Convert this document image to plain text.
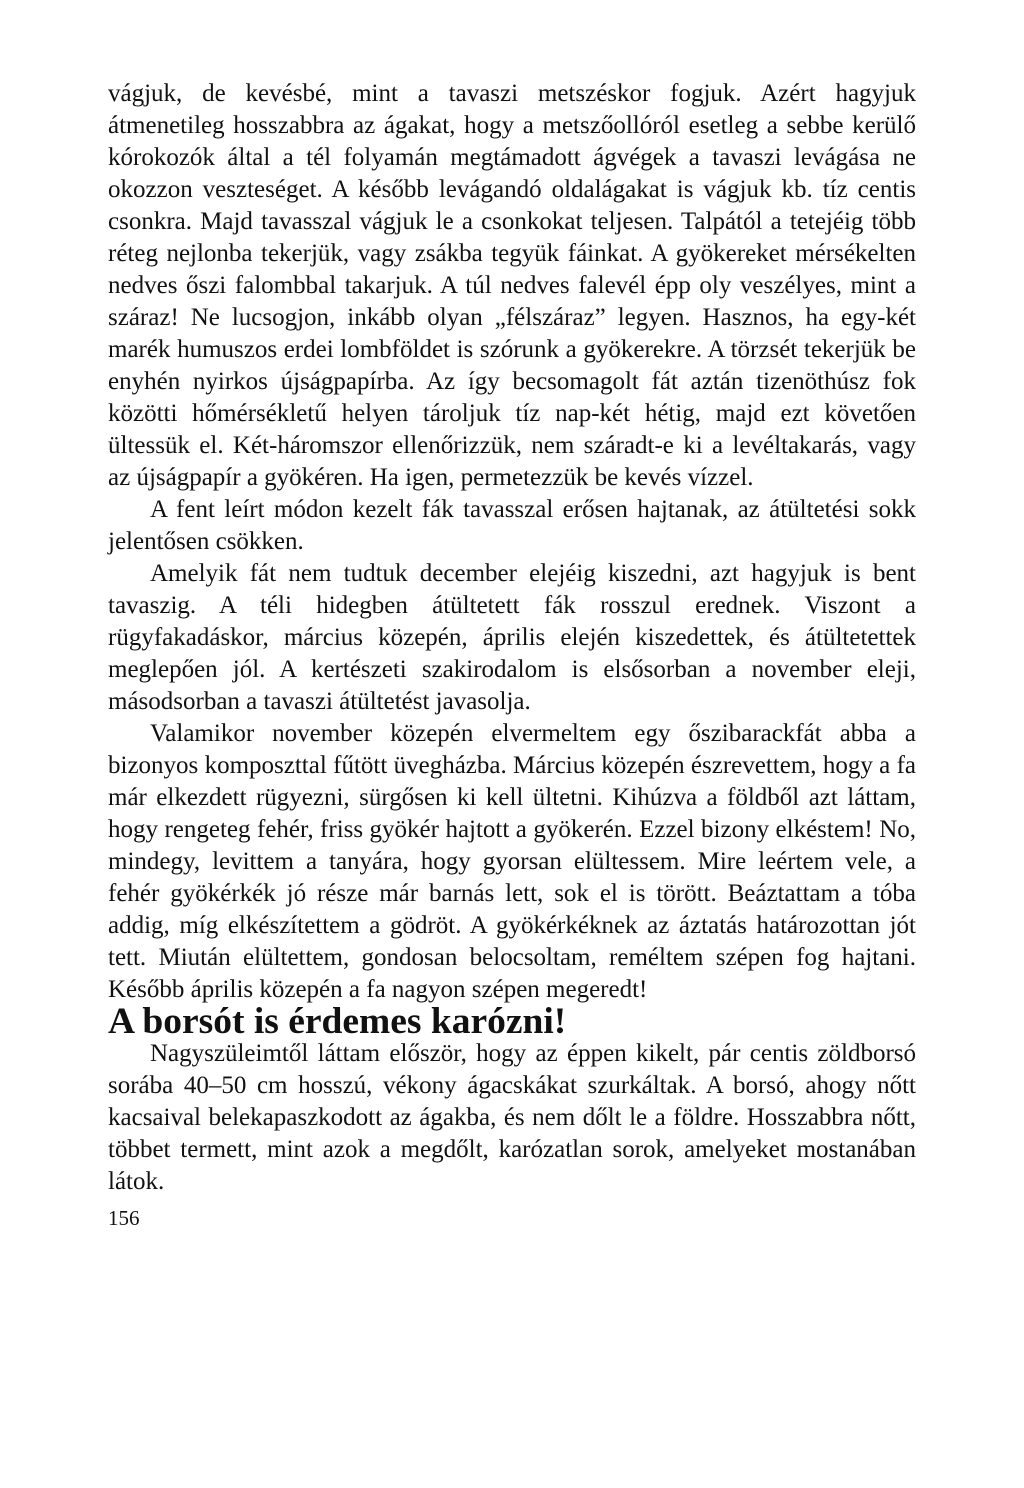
vágjuk, de kevésbé, mint a tavaszi metszéskor fogjuk. Azért hagyjuk átmenetileg hosszabbra az ágakat, hogy a metszőollóról esetleg a sebbe kerülő kórokozók által a tél folyamán megtámadott ágvégek a tavaszi levágása ne okozzon veszteséget. A később levágandó oldalágakat is vágjuk kb. tíz centis csonkra. Majd tavasszal vágjuk le a csonkokat teljesen. Talpától a tetejéig több réteg nejlonba tekerjük, vagy zsákba tegyük fáinkat. A gyökereket mérsékelten nedves őszi falombbal takarjuk. A túl nedves falevél épp oly veszélyes, mint a száraz! Ne lucsogjon, inkább olyan „félszáraz” legyen. Hasznos, ha egy-két marék humuszos erdei lombföldet is szórunk a gyökerekre. A törzsét tekerjük be enyhén nyirkos újságpapírba. Az így becsomagolt fát aztán tizenöthúsz fok közötti hőmérsékletű helyen tároljuk tíz nap-két hétig, majd ezt követően ültessük el. Két-háromszor ellenőrizzük, nem száradt-e ki a levéltakarás, vagy az újságpapír a gyökéren. Ha igen, permetezzük be kevés vízzel.

A fent leírt módon kezelt fák tavasszal erősen hajtanak, az átültetési sokk jelentősen csökken.

Amelyik fát nem tudtuk december elejéig kiszedni, azt hagyjuk is bent tavaszig. A téli hidegben átültetett fák rosszul erednek. Viszont a rügyfakadáskor, március közepén, április elején kiszedettek, és átültetettek meglepően jól. A kertészeti szakirodalom is elsősorban a november eleji, másodsorban a tavaszi átültetést javasolja.

Valamikor november közepén elvermeltem egy őszibarackfát abba a bizonyos komposzttal fűtött üvegházba. Március közepén észrevettem, hogy a fa már elkezdett rügyezni, sürgősen ki kell ültetni. Kihúzva a földből azt láttam, hogy rengeteg fehér, friss gyökér hajtott a gyökerén. Ezzel bizony elkéstem! No, mindegy, levittem a tanyára, hogy gyorsan elültessem. Mire leértem vele, a fehér gyökérkék jó része már barnás lett, sok el is törött. Beáztattam a tóba addig, míg elkészítettem a gödröt. A gyökérkéknek az áztatás határozottan jót tett. Miután elültettem, gondosan belocsoltam, reméltem szépen fog hajtani. Később április közepén a fa nagyon szépen megeredt!

A borsót is érdemes karózni!

Nagyszüleimtől láttam először, hogy az éppen kikelt, pár centis zöldborsó sorába 40–50 cm hosszú, vékony ágacskákat szurkáltak. A borsó, ahogy nőtt kacsaival belekapaszkodott az ágakba, és nem dőlt le a földre. Hosszabbra nőtt, többet termett, mint azok a megdőlt, karózatlan sorok, amelyeket mostanában látok.

156
